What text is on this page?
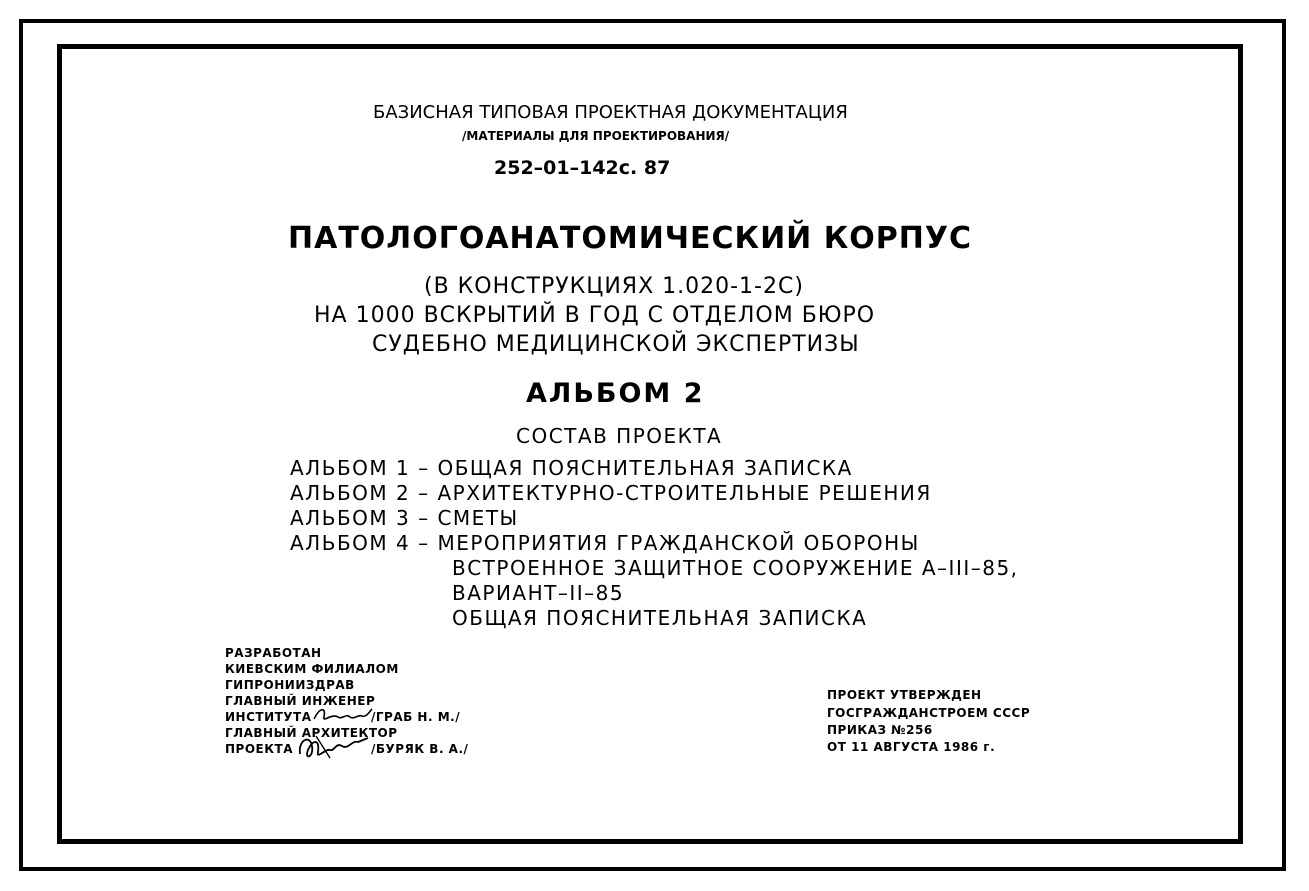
БАЗИСНАЯ ТИПОВАЯ ПРОЕКТНАЯ ДОКУМЕНТАЦИЯ
/МАТЕРИАЛЫ ДЛЯ ПРОЕКТИРОВАНИЯ/
252–01–142с. 87
ПАТОЛОГОАНАТОМИЧЕСКИЙ КОРПУС
(В КОНСТРУКЦИЯХ 1.020-1-2С)
НА 1000 ВСКРЫТИЙ В ГОД С ОТДЕЛОМ БЮРО
СУДЕБНО МЕДИЦИНСКОЙ ЭКСПЕРТИЗЫ
АЛЬБОМ 2
СОСТАВ ПРОЕКТА
АЛЬБОМ 1 – ОБЩАЯ ПОЯСНИТЕЛЬНАЯ ЗАПИСКА
АЛЬБОМ 2 – АРХИТЕКТУРНО-СТРОИТЕЛЬНЫЕ РЕШЕНИЯ
АЛЬБОМ 3 – СМЕТЫ
АЛЬБОМ 4 – МЕРОПРИЯТИЯ ГРАЖДАНСКОЙ ОБОРОНЫ
ВСТРОЕННОЕ ЗАЩИТНОЕ СООРУЖЕНИЕ А–III–85,
ВАРИАНТ–II–85
ОБЩАЯ ПОЯСНИТЕЛЬНАЯ ЗАПИСКА
РАЗРАБОТАН
КИЕВСКИМ ФИЛИАЛОМ
ГИПРОНИИЗДРАВ
ГЛАВНЫЙ ИНЖЕНЕР
ИНСТИТУТА	/ГРАБ Н. М./
ГЛАВНЫЙ АРХИТЕКТОР
ПРОЕКТА	/БУРЯК В. А./
ПРОЕКТ УТВЕРЖДЕН
ГОСГРАЖДАНСТРОЕМ СССР
ПРИКАЗ №256
ОТ 11 АВГУСТА 1986 г.
